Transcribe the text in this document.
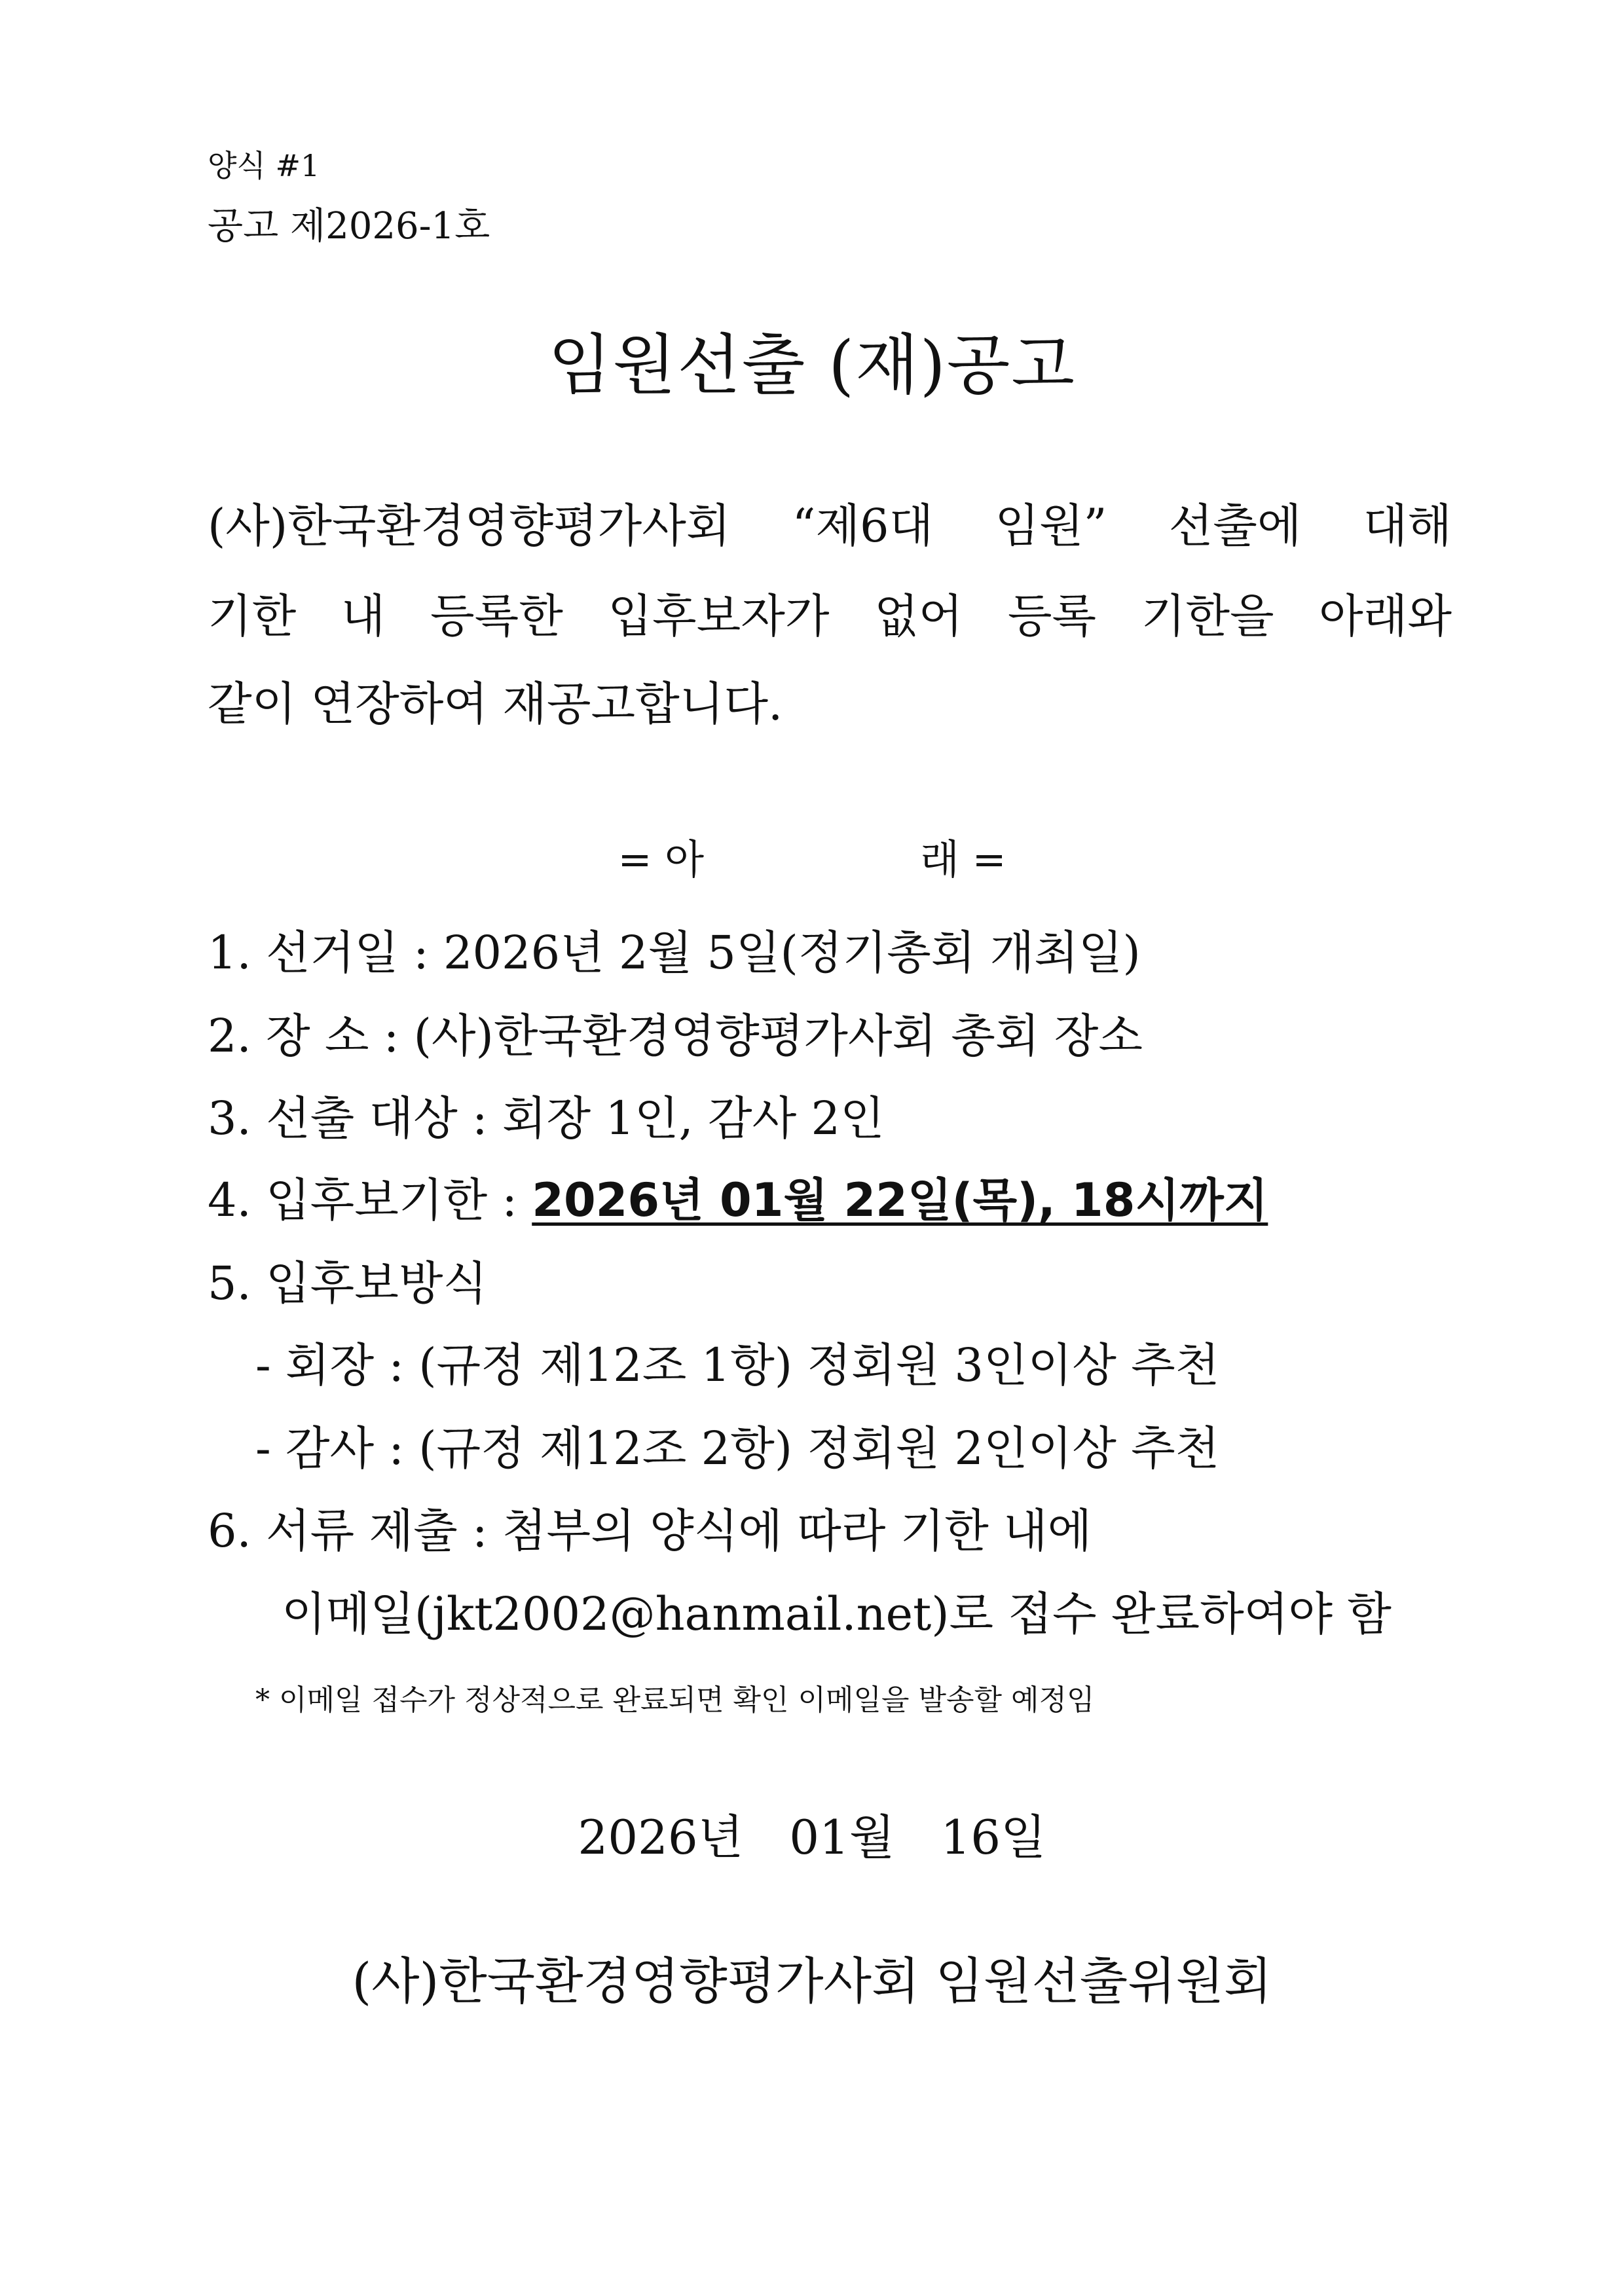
양식 #1
공고 제2026-1호
임원선출 (재)공고
(사)한국환경영향평가사회 “제6대 임원” 선출에 대해
기한 내 등록한 입후보자가 없어 등록 기한을 아래와
같이 연장하여 재공고합니다.
= 아	래 =
1. 선거일 : 2026년 2월 5일(정기총회 개최일)
2. 장 소 : (사)한국환경영향평가사회 총회 장소
3. 선출 대상 : 회장 1인, 감사 2인
4. 입후보기한 : 2026년 01월 22일(목), 18시까지
5. 입후보방식
- 회장 : (규정 제12조 1항) 정회원 3인이상 추천
- 감사 : (규정 제12조 2항) 정회원 2인이상 추천
6. 서류 제출 : 첨부의 양식에 따라 기한 내에
이메일(jkt2002@hanmail.net)로 접수 완료하여야 함
* 이메일 접수가 정상적으로 완료되면 확인 이메일을 발송할 예정임
2026년 01월 16일
(사)한국환경영향평가사회 임원선출위원회
